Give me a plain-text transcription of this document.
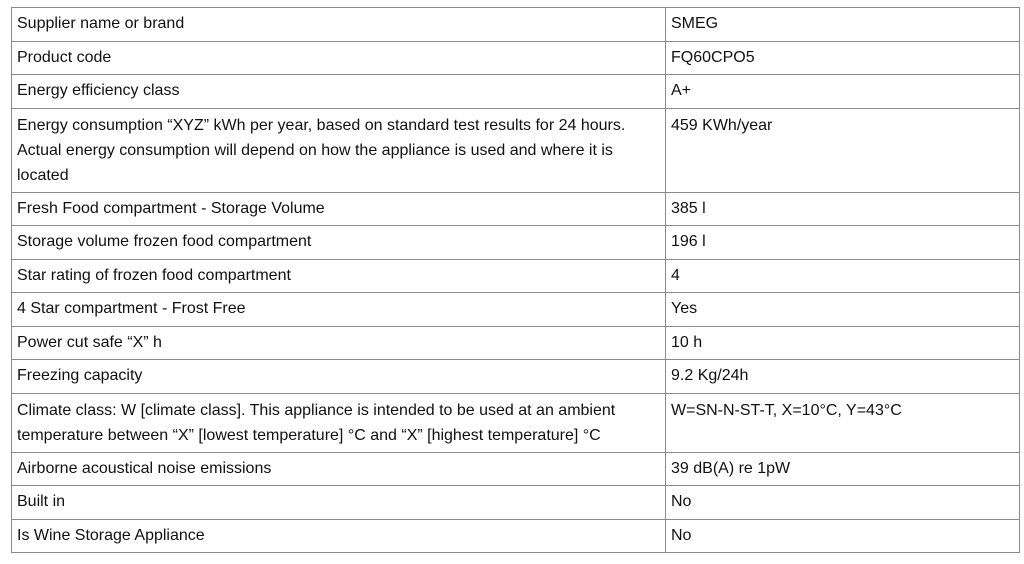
Supplier name or brand	SMEG
Product code	FQ60CPO5
Energy efficiency class	A+
Energy consumption “XYZ” kWh per year, based on standard test results for 24 hours. Actual energy consumption will depend on how the appliance is used and where it is located	459 KWh/year
Fresh Food compartment - Storage Volume	385 l
Storage volume frozen food compartment	196 l
Star rating of frozen food compartment	4
4 Star compartment - Frost Free	Yes
Power cut safe “X” h	10 h
Freezing capacity	9.2 Kg/24h
Climate class: W [climate class]. This appliance is intended to be used at an ambient temperature between “X” [lowest temperature] °C and “X” [highest temperature] °C	W=SN-N-ST-T, X=10°C, Y=43°C
Airborne acoustical noise emissions	39 dB(A) re 1pW
Built in	No
Is Wine Storage Appliance	No
